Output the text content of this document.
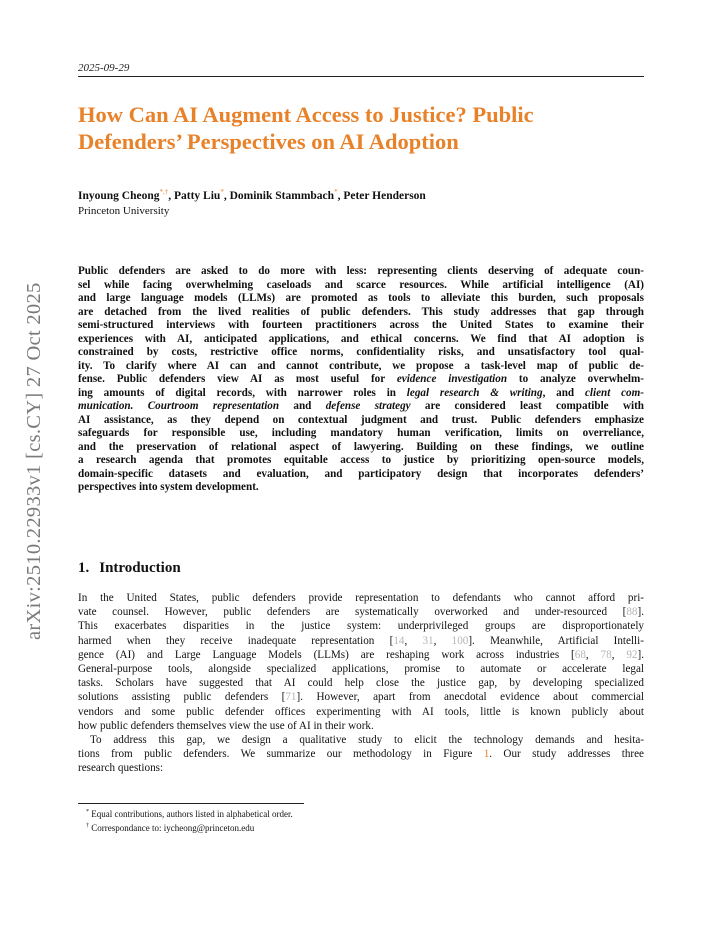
2025-09-29
arXiv:2510.22933v1 [cs.CY] 27 Oct 2025
How Can AI Augment Access to Justice? Public
Defenders’ Perspectives on AI Adoption
Inyoung Cheong*,†, Patty Liu*, Dominik Stammbach*, Peter Henderson
Princeton University
Public defenders are asked to do more with less: representing clients deserving of adequate coun-
sel while facing overwhelming caseloads and scarce resources. While artificial intelligence (AI)
and large language models (LLMs) are promoted as tools to alleviate this burden, such proposals
are detached from the lived realities of public defenders. This study addresses that gap through
semi-structured interviews with fourteen practitioners across the United States to examine their
experiences with AI, anticipated applications, and ethical concerns. We find that AI adoption is
constrained by costs, restrictive office norms, confidentiality risks, and unsatisfactory tool qual-
ity. To clarify where AI can and cannot contribute, we propose a task-level map of public de-
fense. Public defenders view AI as most useful for evidence investigation to analyze overwhelm-
ing amounts of digital records, with narrower roles in legal research & writing, and client com-
munication. Courtroom representation and defense strategy are considered least compatible with
AI assistance, as they depend on contextual judgment and trust. Public defenders emphasize
safeguards for responsible use, including mandatory human verification, limits on overreliance,
and the preservation of relational aspect of lawyering. Building on these findings, we outline
a research agenda that promotes equitable access to justice by prioritizing open-source models,
domain-specific datasets and evaluation, and participatory design that incorporates defenders’
perspectives into system development.
1. Introduction
In the United States, public defenders provide representation to defendants who cannot afford pri-
vate counsel. However, public defenders are systematically overworked and under-resourced [88].
This exacerbates disparities in the justice system: underprivileged groups are disproportionately
harmed when they receive inadequate representation [14, 31, 100]. Meanwhile, Artificial Intelli-
gence (AI) and Large Language Models (LLMs) are reshaping work across industries [68, 78, 92].
General-purpose tools, alongside specialized applications, promise to automate or accelerate legal
tasks. Scholars have suggested that AI could help close the justice gap, by developing specialized
solutions assisting public defenders [71]. However, apart from anecdotal evidence about commercial
vendors and some public defender offices experimenting with AI tools, little is known publicly about
how public defenders themselves view the use of AI in their work.
To address this gap, we design a qualitative study to elicit the technology demands and hesita-
tions from public defenders. We summarize our methodology in Figure 1. Our study addresses three
research questions:
* Equal contributions, authors listed in alphabetical order.
† Correspondance to: iycheong@princeton.edu
